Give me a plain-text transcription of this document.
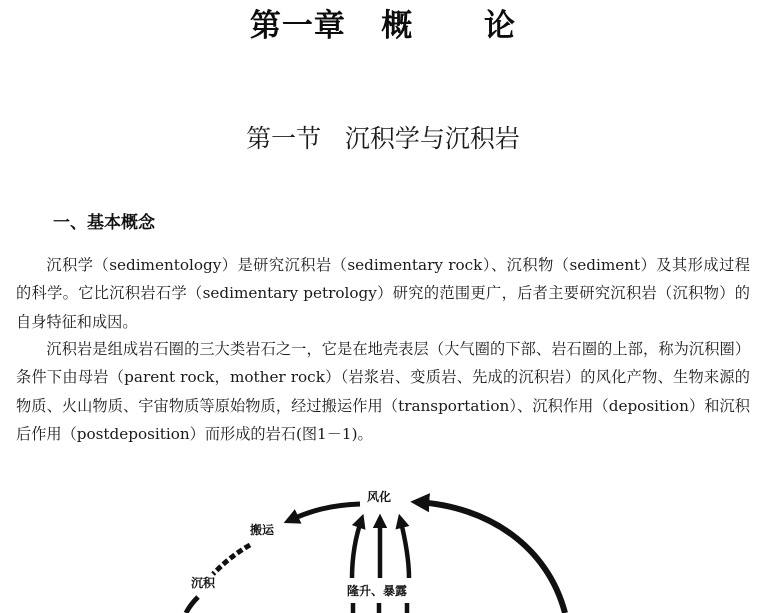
第一章   概      论
第一节   沉积学与沉积岩
一、基本概念

沉积学（sedimentology）是研究沉积岩（sedimentary rock）、沉积物（sediment）及其形成过程的科学。它比沉积岩石学（sedimentary petrology）研究的范围更广，后者主要研究沉积岩（沉积物）的自身特征和成因。

沉积岩是组成岩石圈的三大类岩石之一，它是在地壳表层（大气圈的下部、岩石圈的上部，称为沉积圈）条件下由母岩（parent rock，mother rock）（岩浆岩、变质岩、先成的沉积岩）的风化产物、生物来源的物质、火山物质、宇宙物质等原始物质，经过搬运作用（transportation）、沉积作用（deposition）和沉积后作用（postdeposition）而形成的岩石(图1－1)。

风化
搬运
沉积
隆升、暴露
